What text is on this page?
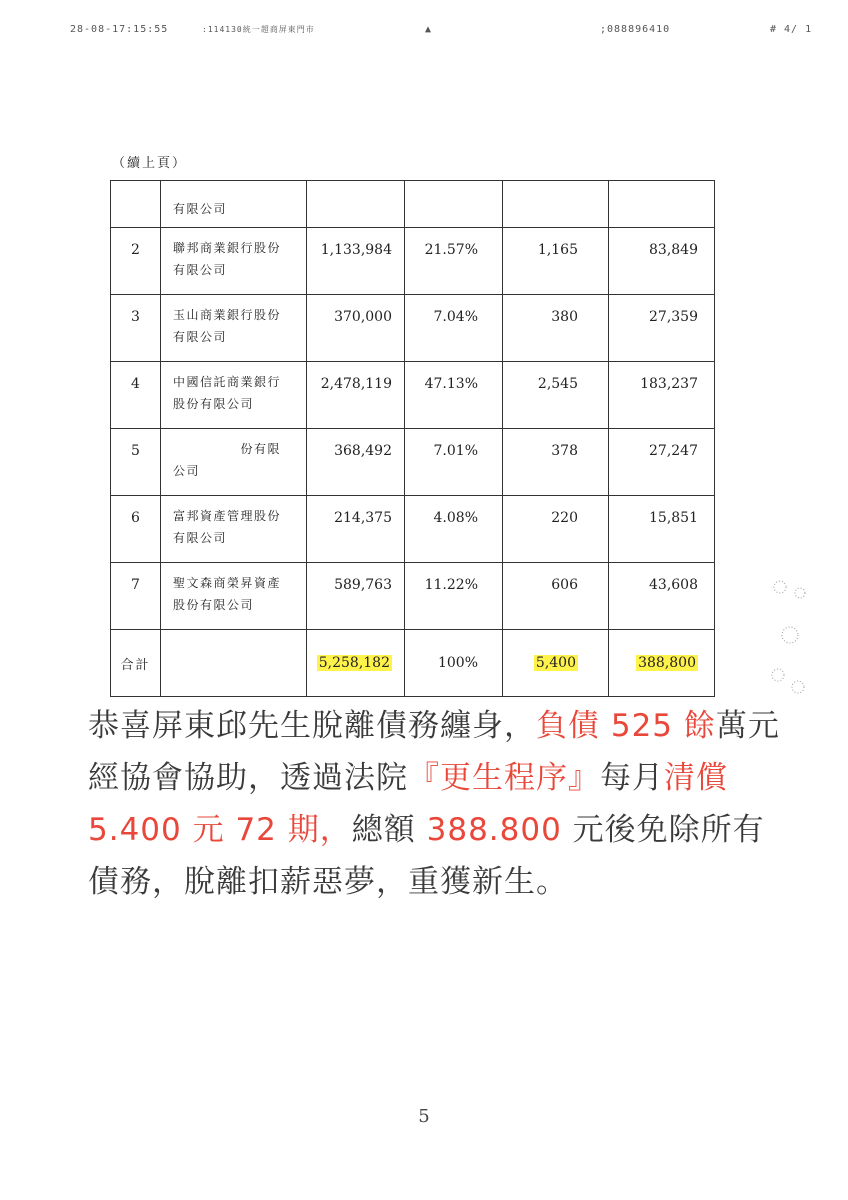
28-08-17:15:55	:114130統一超商屏東門市	▲	;088896410	# 4/ 1
（續上頁）

	有限公司				

2	聯邦商業銀行股份
有限公司	1,133,984	21.57%	1,165	83,849
3	玉山商業銀行股份
有限公司	370,000	7.04%	380	27,359
4	中國信託商業銀行
股份有限公司	2,478,119	47.13%	2,545	183,237
5	　　　　　份有限
公司	368,492	7.01%	378	27,247
6	富邦資產管理股份
有限公司	214,375	4.08%	220	15,851
7	聖文森商榮昇資產
股份有限公司	589,763	11.22%	606	43,608
合計		5,258,182	100%	5,400	388,800
恭喜屏東邱先生脫離債務纏身，負債 525 餘萬元經協會協助，透過法院『更生程序』每月清償 5.400 元 72 期，總額 388.800 元後免除所有債務，脫離扣薪惡夢，重獲新生。
5
